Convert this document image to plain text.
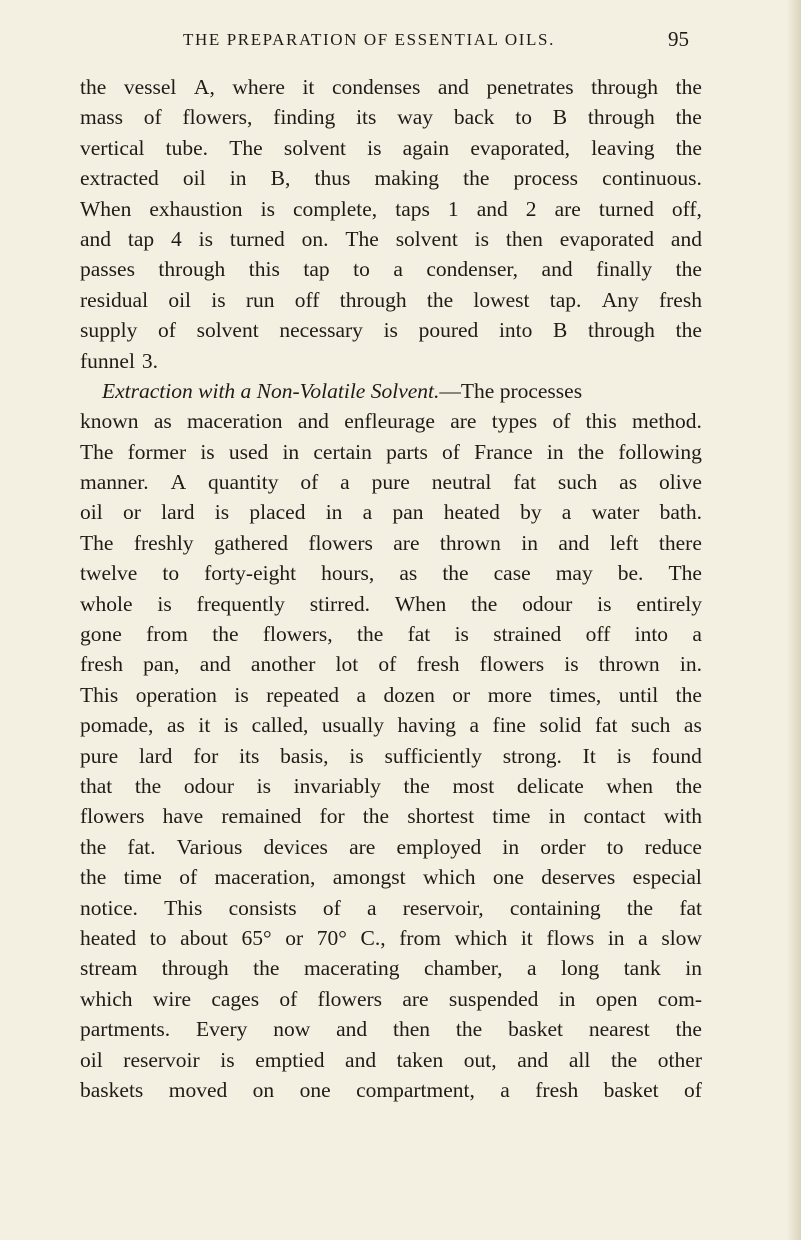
THE PREPARATION OF ESSENTIAL OILS.	95
the vessel A, where it condenses and penetrates through the
mass of flowers, finding its way back to B through the
vertical tube. The solvent is again evaporated, leaving the
extracted oil in B, thus making the process continuous.
When exhaustion is complete, taps 1 and 2 are turned off,
and tap 4 is turned on. The solvent is then evaporated and
passes through this tap to a condenser, and finally the
residual oil is run off through the lowest tap. Any fresh
supply of solvent necessary is poured into B through the
funnel 3.
Extraction with a Non-Volatile Solvent.—The processes
known as maceration and enfleurage are types of this method.
The former is used in certain parts of France in the following
manner. A quantity of a pure neutral fat such as olive
oil or lard is placed in a pan heated by a water bath.
The freshly gathered flowers are thrown in and left there
twelve to forty-eight hours, as the case may be. The
whole is frequently stirred. When the odour is entirely
gone from the flowers, the fat is strained off into a
fresh pan, and another lot of fresh flowers is thrown in.
This operation is repeated a dozen or more times, until the
pomade, as it is called, usually having a fine solid fat such as
pure lard for its basis, is sufficiently strong. It is found
that the odour is invariably the most delicate when the
flowers have remained for the shortest time in contact with
the fat. Various devices are employed in order to reduce
the time of maceration, amongst which one deserves especial
notice. This consists of a reservoir, containing the fat
heated to about 65° or 70° C., from which it flows in a slow
stream through the macerating chamber, a long tank in
which wire cages of flowers are suspended in open com-
partments. Every now and then the basket nearest the
oil reservoir is emptied and taken out, and all the other
baskets moved on one compartment, a fresh basket of
